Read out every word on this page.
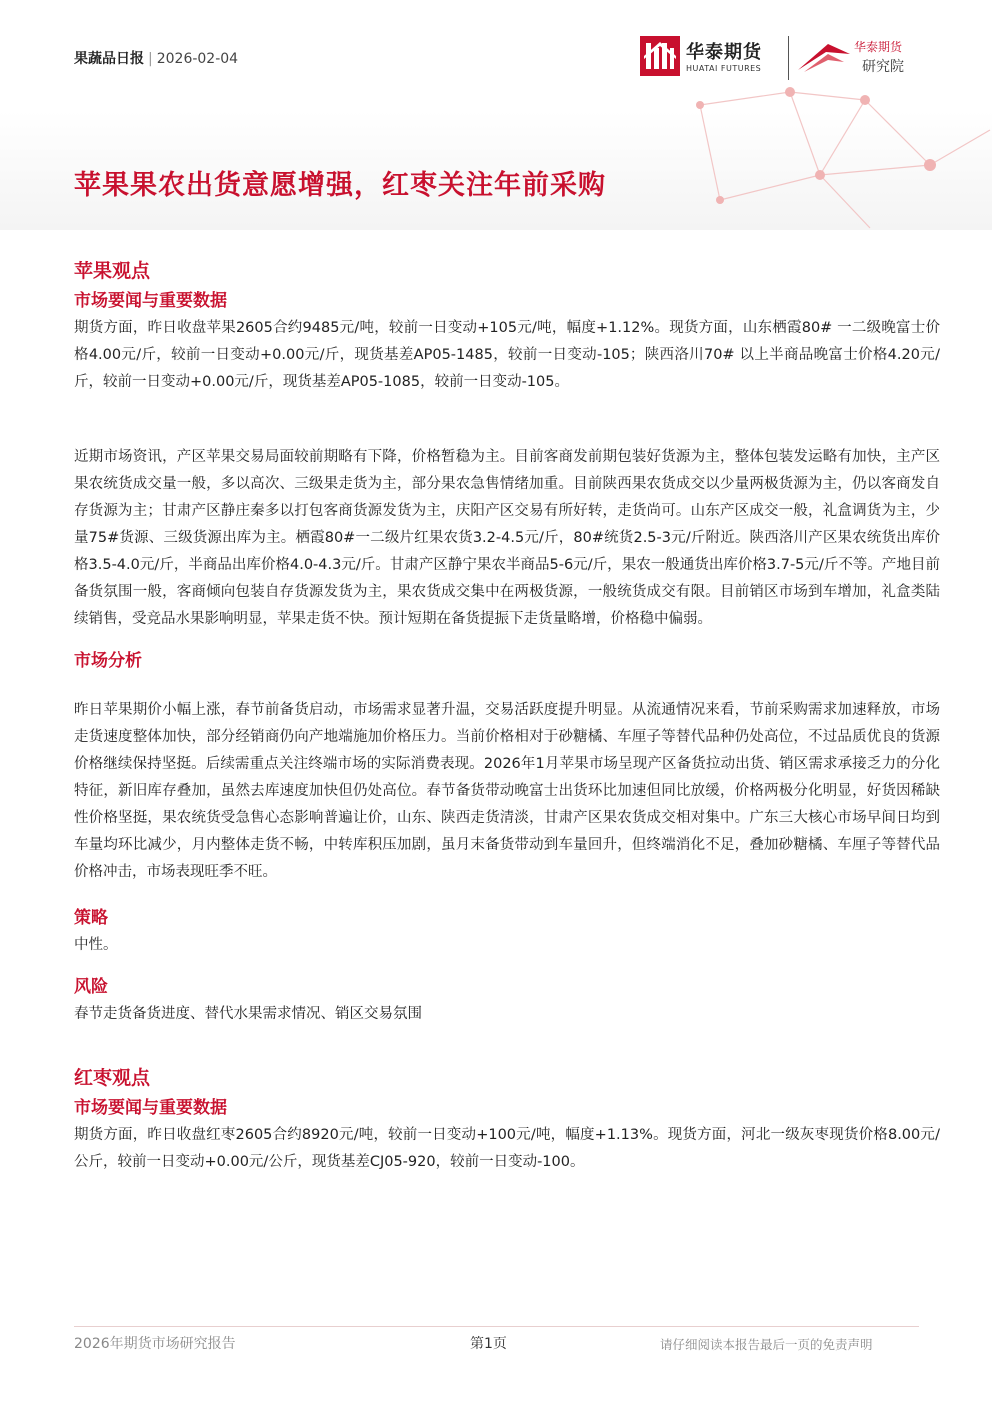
果蔬品日报 | 2026-02-04	华泰期货
HUATAI FUTURES
华泰期货
研究院
苹果果农出货意愿增强，红枣关注年前采购
苹果观点
市场要闻与重要数据

期货方面，昨日收盘苹果2605合约9485元/吨，较前一日变动+105元/吨，幅度+1.12%。现货方面，山东栖霞80# 一二级晚富士价格4.00元/斤，较前一日变动+0.00元/斤，现货基差AP05-1485，较前一日变动-105；陕西洛川70# 以上半商品晚富士价格4.20元/斤，较前一日变动+0.00元/斤，现货基差AP05-1085，较前一日变动-105。

近期市场资讯，产区苹果交易局面较前期略有下降，价格暂稳为主。目前客商发前期包装好货源为主，整体包装发运略有加快，主产区果农统货成交量一般，多以高次、三级果走货为主，部分果农急售情绪加重。目前陕西果农货成交以少量两极货源为主，仍以客商发自存货源为主；甘肃产区静庄秦多以打包客商货源发货为主，庆阳产区交易有所好转，走货尚可。山东产区成交一般，礼盒调货为主，少量75#货源、三级货源出库为主。栖霞80#一二级片红果农货3.2-4.5元/斤，80#统货2.5-3元/斤附近。陕西洛川产区果农统货出库价格3.5-4.0元/斤，半商品出库价格4.0-4.3元/斤。甘肃产区静宁果农半商品5-6元/斤，果农一般通货出库价格3.7-5元/斤不等。产地目前备货氛围一般，客商倾向包装自存货源发货为主，果农货成交集中在两极货源，一般统货成交有限。目前销区市场到车增加，礼盒类陆续销售，受竞品水果影响明显，苹果走货不快。预计短期在备货提振下走货量略增，价格稳中偏弱。

市场分析

昨日苹果期价小幅上涨，春节前备货启动，市场需求显著升温，交易活跃度提升明显。从流通情况来看，节前采购需求加速释放，市场走货速度整体加快，部分经销商仍向产地端施加价格压力。当前价格相对于砂糖橘、车厘子等替代品种仍处高位，不过品质优良的货源价格继续保持坚挺。后续需重点关注终端市场的实际消费表现。2026年1月苹果市场呈现产区备货拉动出货、销区需求承接乏力的分化特征，新旧库存叠加，虽然去库速度加快但仍处高位。春节备货带动晚富士出货环比加速但同比放缓，价格两极分化明显，好货因稀缺性价格坚挺，果农统货受急售心态影响普遍让价，山东、陕西走货清淡，甘肃产区果农货成交相对集中。广东三大核心市场早间日均到车量均环比减少，月内整体走货不畅，中转库积压加剧，虽月末备货带动到车量回升，但终端消化不足，叠加砂糖橘、车厘子等替代品价格冲击，市场表现旺季不旺。

策略

中性。

风险

春节走货备货进度、替代水果需求情况、销区交易氛围

红枣观点
市场要闻与重要数据

期货方面，昨日收盘红枣2605合约8920元/吨，较前一日变动+100元/吨，幅度+1.13%。现货方面，河北一级灰枣现货价格8.00元/公斤，较前一日变动+0.00元/公斤，现货基差CJ05-920，较前一日变动-100。

2026年期货市场研究报告	第1页	请仔细阅读本报告最后一页的免责声明
